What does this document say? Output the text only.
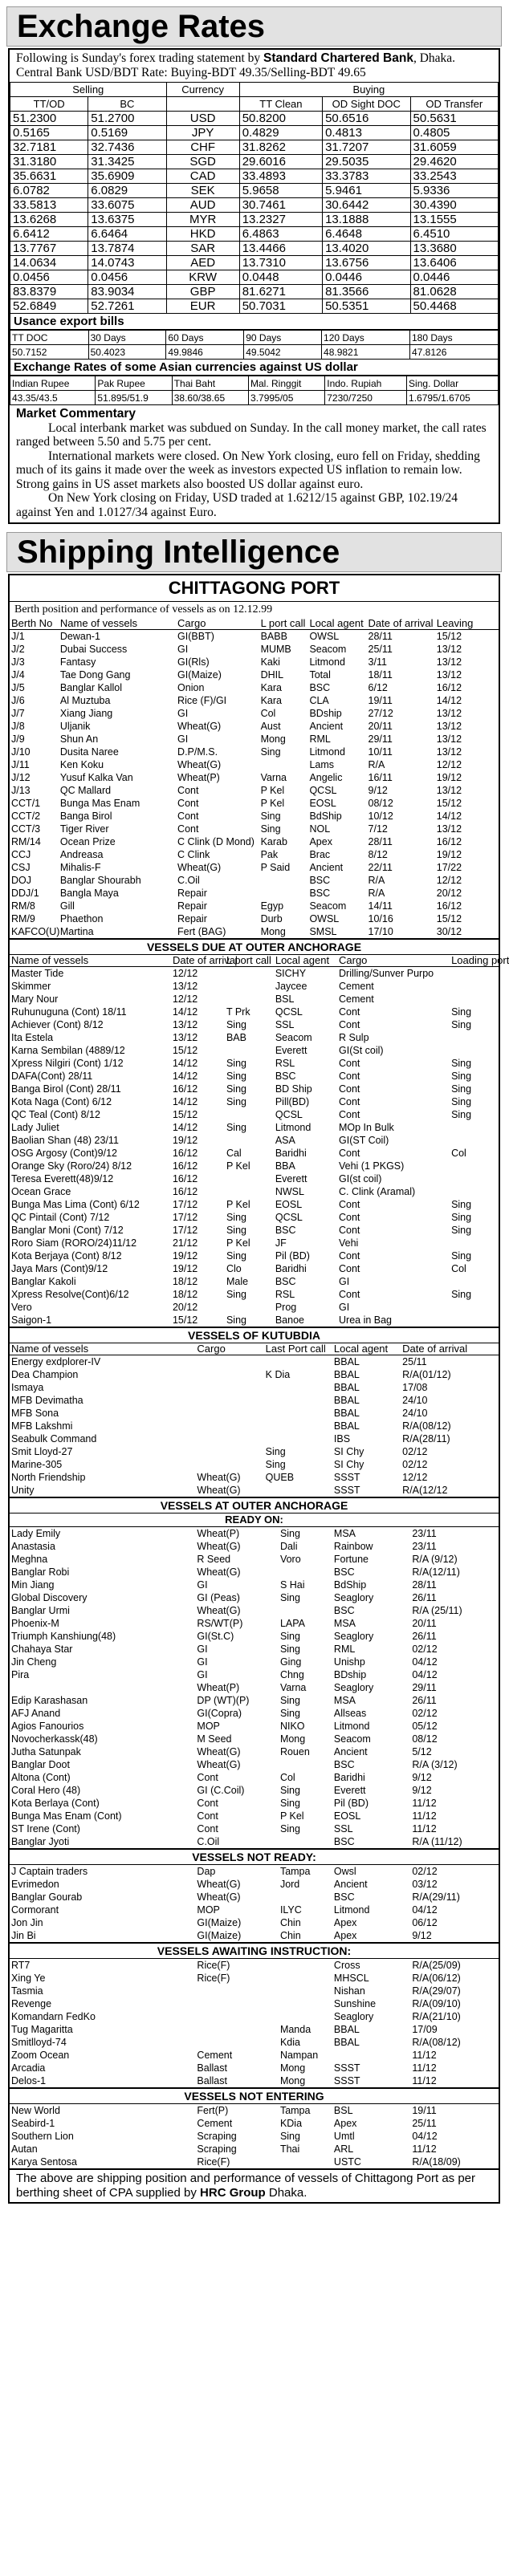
Exchange Rates
Following is Sunday's forex trading statement by Standard Chartered Bank, Dhaka. Central Bank USD/BDT Rate: Buying-BDT 49.35/Selling-BDT 49.65
Selling		Currency	Buying		
TT/OD	BC		TT Clean	OD Sight DOC	OD Transfer
51.2300	51.2700	USD	50.8200	50.6516	50.5631
0.5165	0.5169	JPY	0.4829	0.4813	0.4805
32.7181	32.7436	CHF	31.8262	31.7207	31.6059
31.3180	31.3425	SGD	29.6016	29.5035	29.4620
35.6631	35.6909	CAD	33.4893	33.3783	33.2543
6.0782	6.0829	SEK	5.9658	5.9461	5.9336
33.5813	33.6075	AUD	30.7461	30.6442	30.4390
13.6268	13.6375	MYR	13.2327	13.1888	13.1555
6.6412	6.6464	HKD	6.4863	6.4648	6.4510
13.7767	13.7874	SAR	13.4466	13.4020	13.3680
14.0634	14.0743	AED	13.7310	13.6756	13.6406
0.0456	0.0456	KRW	0.0448	0.0446	0.0446
83.8379	83.9034	GBP	81.6271	81.3566	81.0628
52.6849	52.7261	EUR	50.7031	50.5351	50.4468
Usance export bills
TT DOC	30 Days	60 Days	90 Days	120 Days	180 Days
50.7152	50.4023	49.9846	49.5042	48.9821	47.8126
Exchange Rates of some Asian currencies against US dollar
Indian Rupee	Pak Rupee	Thai Baht	Mal. Ringgit	Indo. Rupiah	Sing. Dollar
43.35/43.5	51.895/51.9	38.60/38.65	3.7995/05	7230/7250	1.6795/1.6705
Market Commentary

Local interbank market was subdued on Sunday. In the call money market, the call rates ranged between 5.50 and 5.75 per cent.

International markets were closed. On New York closing, euro fell on Friday, shedding much of its gains it made over the week as investors expected US inflation to remain low. Strong gains in US asset markets also boosted US dollar against euro.

On New York closing on Friday, USD traded at 1.6212/15 against GBP, 102.19/24 against Yen and 1.0127/34 against Euro.

Shipping Intelligence
CHITTAGONG PORT
Berth position and performance of vessels as on 12.12.99
Berth No	Name of vessels	Cargo	L port call	Local agent	Date of arrival	Leaving
J/1	Dewan-1	GI(BBT)	BABB	OWSL	28/11	15/12
J/2	Dubai Success	GI	MUMB	Seacom	25/11	13/12
J/3	Fantasy	GI(Rls)	Kaki	Litmond	3/11	13/12
J/4	Tae Dong Gang	GI(Maize)	DHIL	Total	18/11	13/12
J/5	Banglar Kallol	Onion	Kara	BSC	6/12	16/12
J/6	Al Muztuba	Rice (F)/GI	Kara	CLA	19/11	14/12
J/7	Xiang Jiang	GI	Col	BDship	27/12	13/12
J/8	Uljanik	Wheat(G)	Aust	Ancient	20/11	13/12
J/9	Shun An	GI	Mong	RML	29/11	13/12
J/10	Dusita Naree	D.P/M.S.	Sing	Litmond	10/11	13/12
J/11	Ken Koku	Wheat(G)		Lams	R/A	12/12
J/12	Yusuf Kalka Van	Wheat(P)	Varna	Angelic	16/11	19/12
J/13	QC Mallard	Cont	P Kel	QCSL	9/12	13/12
CCT/1	Bunga Mas Enam	Cont	P Kel	EOSL	08/12	15/12
CCT/2	Banga Birol	Cont	Sing	BdShip	10/12	14/12
CCT/3	Tiger River	Cont	Sing	NOL	7/12	13/12
RM/14	Ocean Prize	C Clink (D Mond)	Karab	Apex	28/11	16/12
CCJ	Andreasa	C Clink	Pak	Brac	8/12	19/12
CSJ	Mihalis-F	Wheat(G)	P Said	Ancient	22/11	17/22
DOJ	Banglar Shourabh	C.Oil		BSC	R/A	12/12
DDJ/1	Bangla Maya	Repair		BSC	R/A	20/12
RM/8	Gill	Repair	Egyp	Seacom	14/11	16/12
RM/9	Phaethon	Repair	Durb	OWSL	10/16	15/12
KAFCO(U)	Martina	Fert (BAG)	Mong	SMSL	17/10	30/12
VESSELS DUE AT OUTER ANCHORAGE
Name of vessels	Date of arrival	L port call	Local agent	Cargo	Loading port
Master Tide	12/12		SICHY	Drilling/Sunver Purpo	
Skimmer	13/12		Jaycee	Cement	
Mary Nour	12/12		BSL	Cement	
Ruhunuguna (Cont) 18/11	14/12	T Prk	QCSL	Cont	Sing
Achiever (Cont) 8/12	13/12	Sing	SSL	Cont	Sing
Ita Estela	13/12	BAB	Seacom	R Sulp	
Karna Sembilan (4889/12	15/12		Everett	GI(St coil)	
Xpress Nilgiri (Cont) 1/12	14/12	Sing	RSL	Cont	Sing
DAFA(Cont) 28/11	14/12	Sing	BSC	Cont	Sing
Banga Birol (Cont) 28/11	16/12	Sing	BD Ship	Cont	Sing
Kota Naga (Cont) 6/12	14/12	Sing	Pill(BD)	Cont	Sing
QC Teal (Cont) 8/12	15/12		QCSL	Cont	Sing
Lady Juliet	14/12	Sing	Litmond	MOp In Bulk	
Baolian Shan (48) 23/11	19/12		ASA	GI(ST Coil)	
OSG Argosy (Cont)9/12	16/12	Cal	Baridhi	Cont	Col
Orange Sky (Roro/24) 8/12	16/12	P Kel	BBA	Vehi (1 PKGS)	
Teresa Everett(48)9/12	16/12		Everett	GI(st coil)	
Ocean Grace	16/12		NWSL	C. Clink (Aramal)	
Bunga Mas Lima (Cont) 6/12	17/12	P Kel	EOSL	Cont	Sing
QC Pintail (Cont) 7/12	17/12	Sing	QCSL	Cont	Sing
Banglar Moni (Cont) 7/12	17/12	Sing	BSC	Cont	Sing
Roro Siam (RORO/24)11/12	21/12	P Kel	JF	Vehi	
Kota Berjaya (Cont) 8/12	19/12	Sing	Pil (BD)	Cont	Sing
Jaya Mars (Cont)9/12	19/12	Clo	Baridhi	Cont	Col
Banglar Kakoli	18/12	Male	BSC	GI	
Xpress Resolve(Cont)6/12	18/12	Sing	RSL	Cont	Sing
Vero	20/12		Prog	GI	
Saigon-1	15/12	Sing	Banoe	Urea in Bag	
VESSELS OF KUTUBDIA
Name of vessels	Cargo	Last Port call	Local agent	Date of arrival
Energy exdplorer-IV			BBAL	25/11
Dea Champion		K Dia	BBAL	R/A(01/12)
Ismaya			BBAL	17/08
MFB Devimatha			BBAL	24/10
MFB Sona			BBAL	24/10
MFB Lakshmi			BBAL	R/A(08/12)
Seabulk Command			IBS	R/A(28/11)
Smit Lloyd-27		Sing	SI Chy	02/12
Marine-305		Sing	SI Chy	02/12
North Friendship	Wheat(G)	QUEB	SSST	12/12
Unity	Wheat(G)		SSST	R/A(12/12
VESSELS AT OUTER ANCHORAGE
READY ON:
Lady Emily	Wheat(P)	Sing	MSA	23/11
Anastasia	Wheat(G)	Dali	Rainbow	23/11
Meghna	R Seed	Voro	Fortune	R/A (9/12)
Banglar Robi	Wheat(G)		BSC	R/A(12/11)
Min Jiang	GI	S Hai	BdShip	28/11
Global Discovery	GI (Peas)	Sing	Seaglory	26/11
Banglar Urmi	Wheat(G)		BSC	R/A (25/11)
Phoenix-M	RS/WT(P)	LAPA	MSA	20/11
Triumph Kanshiung(48)	GI(St.C)	Sing	Seaglory	26/11
Chahaya Star	GI	Sing	RML	02/12
Jin Cheng	GI	Ging	Unishp	04/12
Pira	GI	Chng	BDship	04/12
	Wheat(P)	Varna	Seaglory	29/11
Edip Karashasan	DP (WT)(P)	Sing	MSA	26/11
AFJ Anand	GI(Copra)	Sing	Allseas	02/12
Agios Fanourios	MOP	NIKO	Litmond	05/12
Novocherkassk(48)	M Seed	Mong	Seacom	08/12
Jutha Satunpak	Wheat(G)	Rouen	Ancient	5/12
Banglar Doot	Wheat(G)		BSC	R/A (3/12)
Altona (Cont)	Cont	Col	Baridhi	9/12
Coral Hero (48)	GI (C.Coil)	Sing	Everett	9/12
Kota Berlaya (Cont)	Cont	Sing	Pil (BD)	11/12
Bunga Mas Enam (Cont)	Cont	P Kel	EOSL	11/12
ST Irene (Cont)	Cont	Sing	SSL	11/12
Banglar Jyoti	C.Oil		BSC	R/A (11/12)
VESSELS NOT READY:
J Captain traders	Dap	Tampa	Owsl	02/12
Evrimedon	Wheat(G)	Jord	Ancient	03/12
Banglar Gourab	Wheat(G)		BSC	R/A(29/11)
Cormorant	MOP	ILYC	Litmond	04/12
Jon Jin	GI(Maize)	Chin	Apex	06/12
Jin Bi	GI(Maize)	Chin	Apex	9/12
VESSELS AWAITING INSTRUCTION:
RT7	Rice(F)		Cross	R/A(25/09)
Xing Ye	Rice(F)		MHSCL	R/A(06/12)
Tasmia			Nishan	R/A(29/07)
Revenge			Sunshine	R/A(09/10)
Komandarn FedKo			Seaglory	R/A(21/10)
Tug Magaritta		Manda	BBAL	17/09
Smitlloyd-74		Kdia	BBAL	R/A(08/12)
Zoom Ocean	Cement	Nampan		11/12
Arcadia	Ballast	Mong	SSST	11/12
Delos-1	Ballast	Mong	SSST	11/12
VESSELS NOT ENTERING
New World	Fert(P)	Tampa	BSL	19/11
Seabird-1	Cement	KDia	Apex	25/11
Southern Lion	Scraping	Sing	Umtl	04/12
Autan	Scraping	Thai	ARL	11/12
Karya Sentosa	Rice(F)		USTC	R/A(18/09)
The above are shipping position and performance of vessels of Chittagong Port as per berthing sheet of CPA supplied by HRC Group Dhaka.
